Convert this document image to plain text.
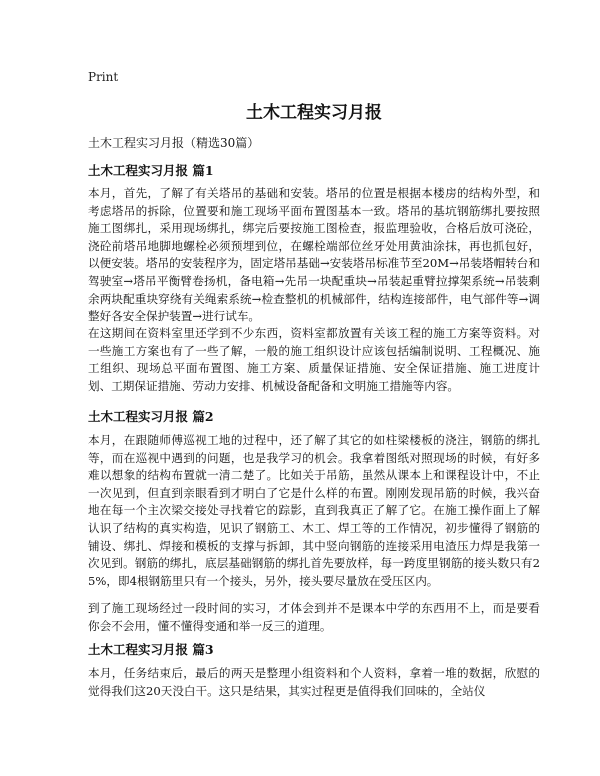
Print
土木工程实习月报
土木工程实习月报（精选30篇）
土木工程实习月报 篇1

本月，首先，了解了有关塔吊的基础和安装。塔吊的位置是根据本楼房的结构外型，和考虑塔吊的拆除，位置要和施工现场平面布置图基本一致。塔吊的基坑钢筋绑扎要按照施工图绑扎，采用现场绑扎，绑完后要按施工图检查，报监理验收，合格后放可浇砼，浇砼前塔吊地脚地螺栓必须预埋到位，在螺栓端部位丝牙处用黄油涂抹，再也抓包好，以便安装。塔吊的安装程序为，固定塔吊基础→安装塔吊标准节至20M→吊装塔帽转台和驾驶室→塔吊平衡臂卷扬机，备电箱→先吊一块配重块→吊装起重臂拉撑架系统→吊装剩余两块配重块穿绕有关绳索系统→检查整机的机械部件，结构连接部件，电气部件等→调整好各安全保护装置→进行试车。

在这期间在资料室里还学到不少东西，资料室都放置有关该工程的施工方案等资料。对一些施工方案也有了一些了解，一般的施工组织设计应该包括编制说明、工程概况、施工组织、现场总平面布置图、施工方案、质量保证措施、安全保证措施、施工进度计划、工期保证措施、劳动力安排、机械设备配备和文明施工措施等内容。

土木工程实习月报 篇2

本月，在跟随师傅巡视工地的过程中，还了解了其它的如柱梁楼板的浇注，钢筋的绑扎等，而在巡视中遇到的问题，也是我学习的机会。我拿着图纸对照现场的时候，有好多难以想象的结构布置就一清二楚了。比如关于吊筋，虽然从课本上和课程设计中，不止一次见到，但直到亲眼看到才明白了它是什么样的布置。刚刚发现吊筋的时候，我兴奋地在每一个主次梁交接处寻找着它的踪影，直到我真正了解了它。在施工操作面上了解认识了结构的真实构造，见识了钢筋工、木工、焊工等的工作情况，初步懂得了钢筋的铺设、绑扎、焊接和模板的支撑与拆卸，其中竖向钢筋的连接采用电渣压力焊是我第一次见到。钢筋的绑扎，底层基础钢筋的绑扎首先要放样，每一跨度里钢筋的接头数只有25%，即4根钢筋里只有一个接头，另外，接头要尽量放在受压区内。

到了施工现场经过一段时间的实习，才体会到并不是课本中学的东西用不上，而是要看你会不会用，懂不懂得变通和举一反三的道理。

土木工程实习月报 篇3

本月，任务结束后，最后的两天是整理小组资料和个人资料，拿着一堆的数据，欣慰的觉得我们这20天没白干。这只是结果，其实过程更是值得我们回味的，全站仪
